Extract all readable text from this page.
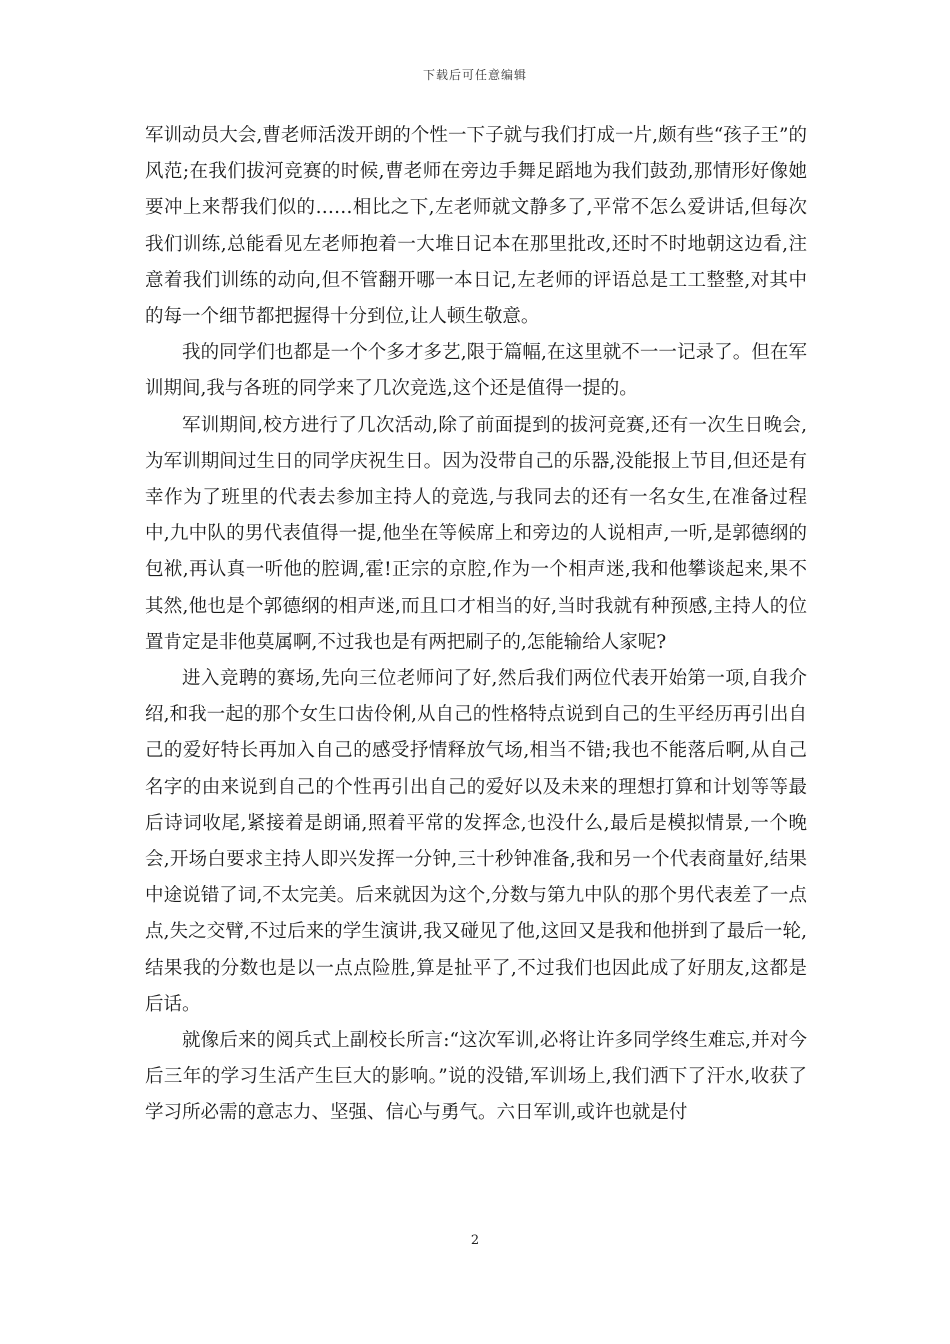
下载后可任意编辑

军训动员大会,曹老师活泼开朗的个性一下子就与我们打成一片,颇有些“孩子王”的风范;在我们拔河竞赛的时候,曹老师在旁边手舞足蹈地为我们鼓劲,那情形好像她要冲上来帮我们似的……相比之下,左老师就文静多了,平常不怎么爱讲话,但每次我们训练,总能看见左老师抱着一大堆日记本在那里批改,还时不时地朝这边看,注意着我们训练的动向,但不管翻开哪一本日记,左老师的评语总是工工整整,对其中的每一个细节都把握得十分到位,让人顿生敬意。

我的同学们也都是一个个多才多艺,限于篇幅,在这里就不一一记录了。但在军训期间,我与各班的同学来了几次竞选,这个还是值得一提的。

军训期间,校方进行了几次活动,除了前面提到的拔河竞赛,还有一次生日晚会,为军训期间过生日的同学庆祝生日。因为没带自己的乐器,没能报上节目,但还是有幸作为了班里的代表去参加主持人的竞选,与我同去的还有一名女生,在准备过程中,九中队的男代表值得一提,他坐在等候席上和旁边的人说相声,一听,是郭德纲的包袱,再认真一听他的腔调,霍!正宗的京腔,作为一个相声迷,我和他攀谈起来,果不其然,他也是个郭德纲的相声迷,而且口才相当的好,当时我就有种预感,主持人的位置肯定是非他莫属啊,不过我也是有两把刷子的,怎能输给人家呢?

进入竞聘的赛场,先向三位老师问了好,然后我们两位代表开始第一项,自我介绍,和我一起的那个女生口齿伶俐,从自己的性格特点说到自己的生平经历再引出自己的爱好特长再加入自己的感受抒情释放气场,相当不错;我也不能落后啊,从自己名字的由来说到自己的个性再引出自己的爱好以及未来的理想打算和计划等等最后诗词收尾,紧接着是朗诵,照着平常的发挥念,也没什么,最后是模拟情景,一个晚会,开场白要求主持人即兴发挥一分钟,三十秒钟准备,我和另一个代表商量好,结果中途说错了词,不太完美。后来就因为这个,分数与第九中队的那个男代表差了一点点,失之交臂,不过后来的学生演讲,我又碰见了他,这回又是我和他拼到了最后一轮,结果我的分数也是以一点点险胜,算是扯平了,不过我们也因此成了好朋友,这都是后话。

就像后来的阅兵式上副校长所言:“这次军训,必将让许多同学终生难忘,并对今后三年的学习生活产生巨大的影响。”说的没错,军训场上,我们洒下了汗水,收获了学习所必需的意志力、坚强、信心与勇气。六日军训,或许也就是付

2
